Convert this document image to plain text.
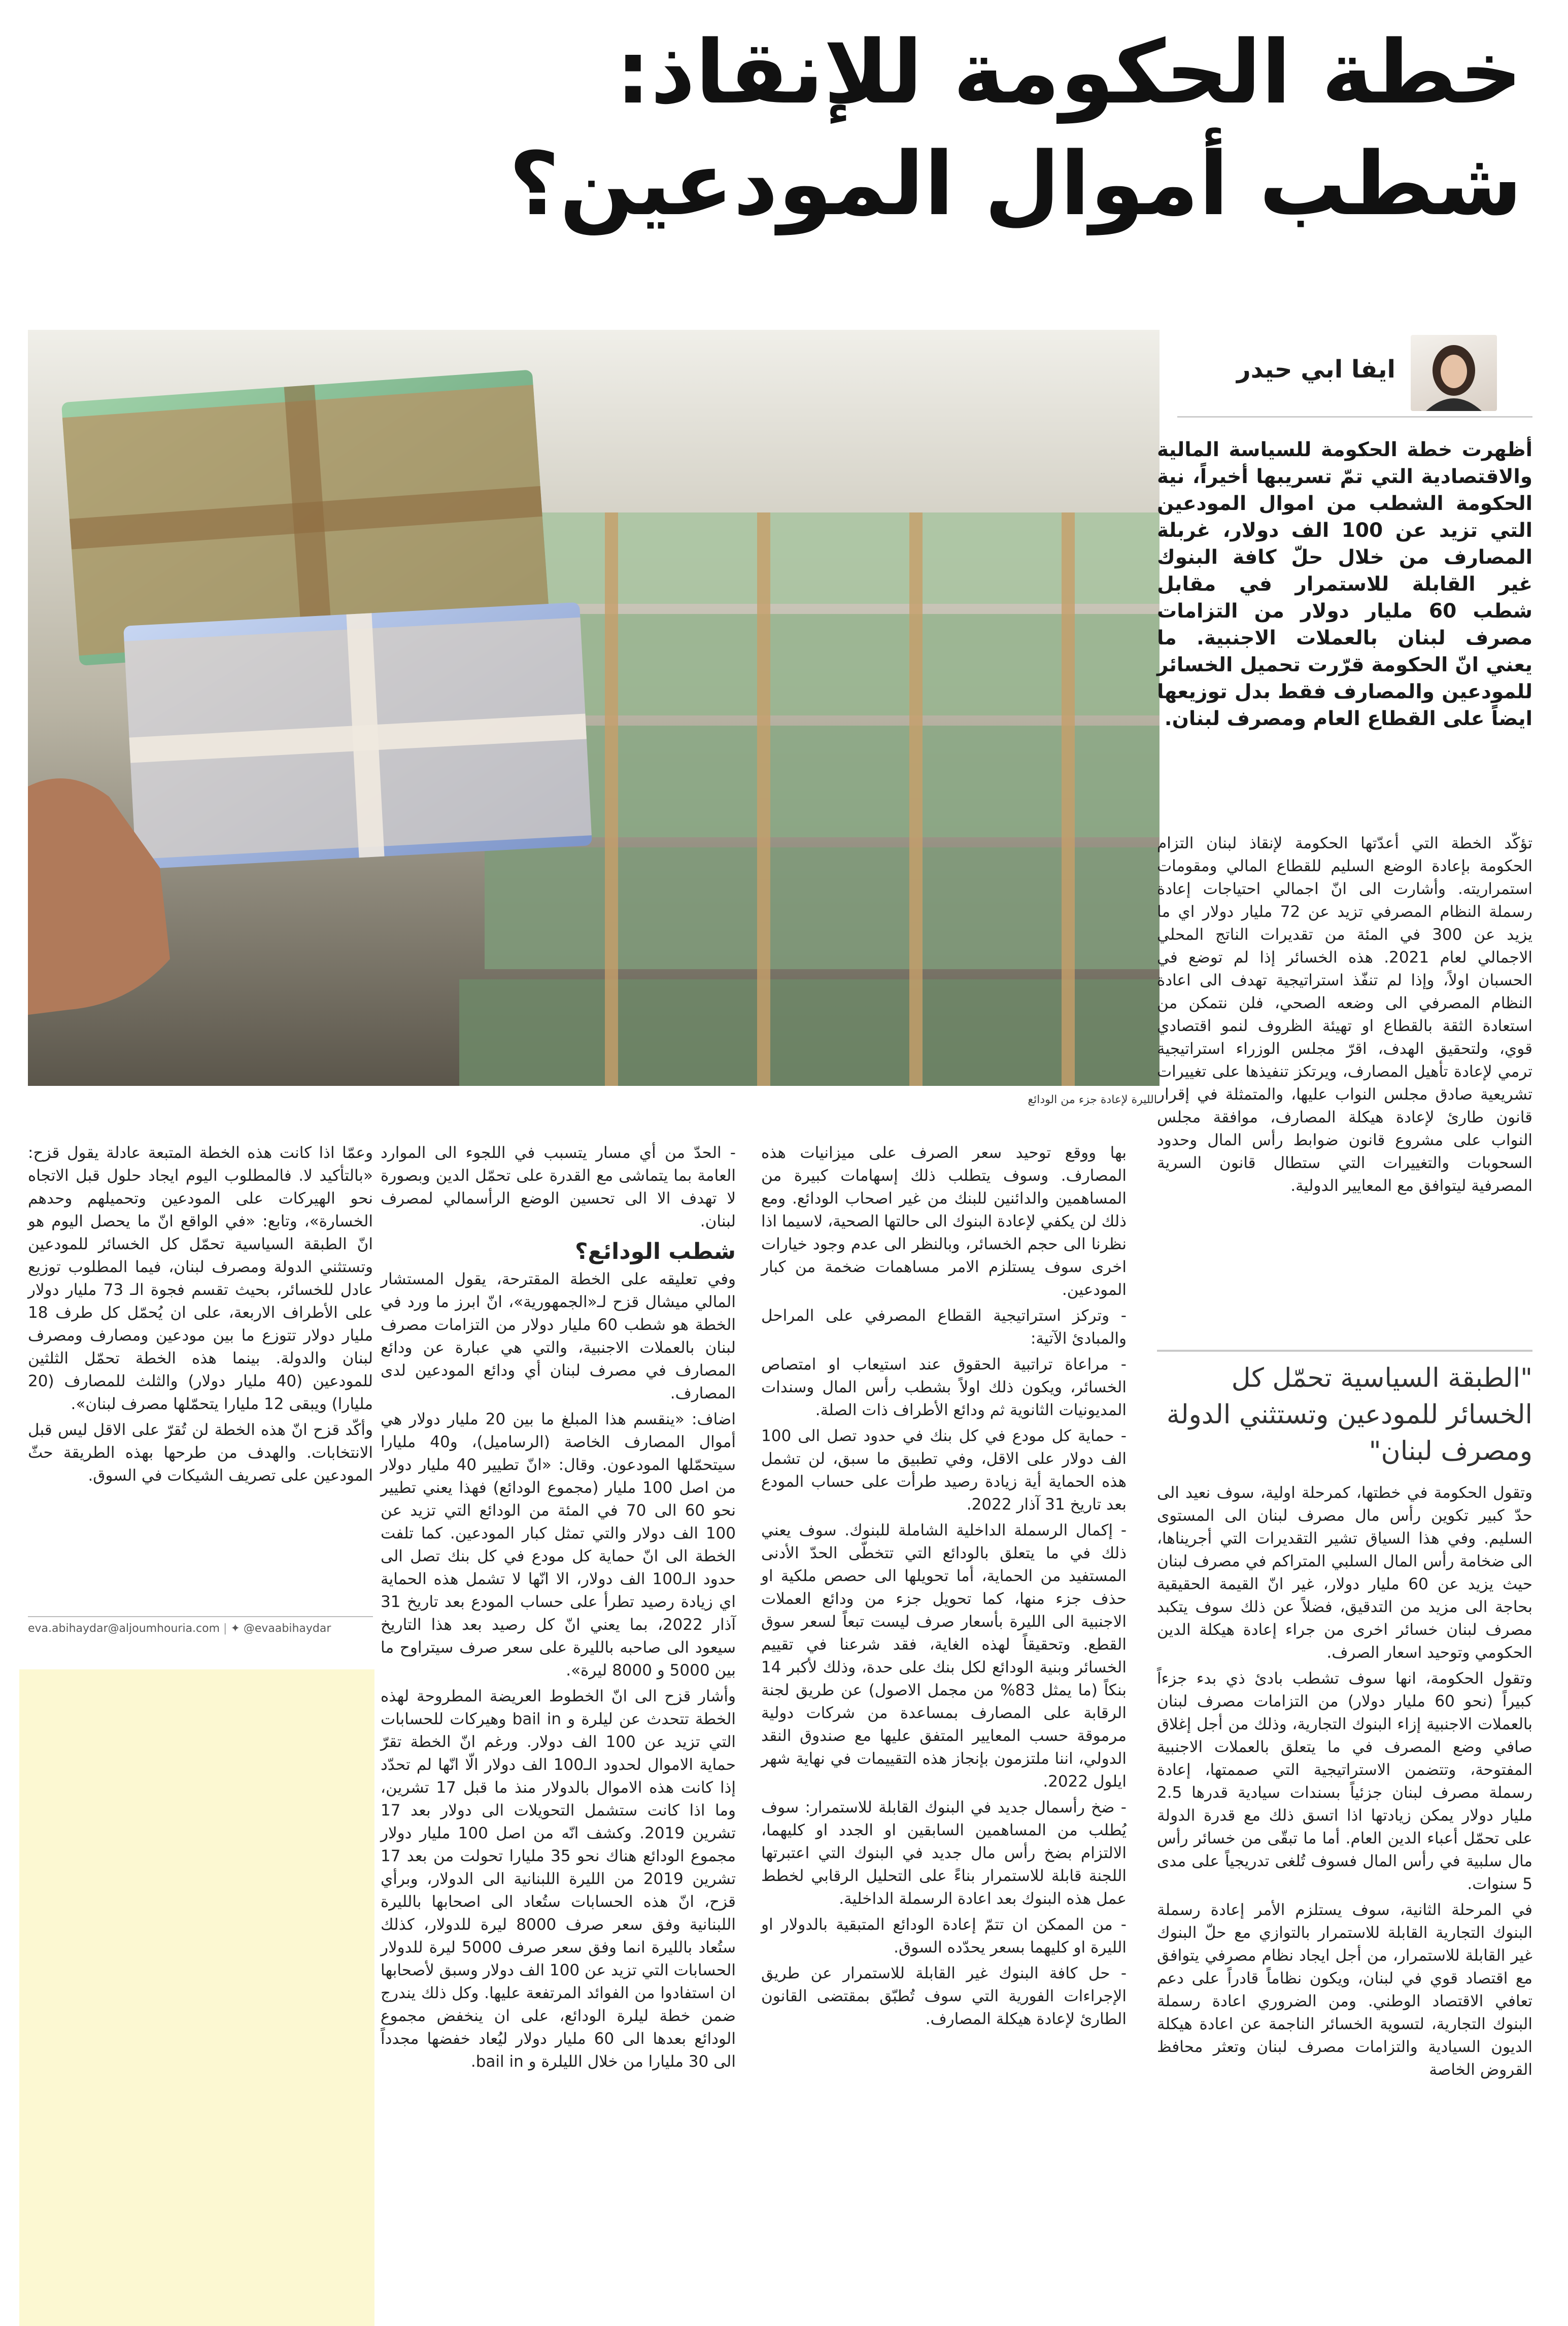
خطة الحكومة للإنقاذ:
شطب أموال المودعين؟
الليرة لإعادة جزء من الودائع
ايفا ابي حيدر
أظهرت خطة الحكومة للسياسة المالية والاقتصادية التي تمّ تسريبها أخيراً، نية الحكومة الشطب من اموال المودعين التي تزيد عن 100 الف دولار، غربلة المصارف من خلال حلّ كافة البنوك غير القابلة للاستمرار في مقابل شطب 60 مليار دولار من التزامات مصرف لبنان بالعملات الاجنبية. ما يعني انّ الحكومة قرّرت تحميل الخسائر للمودعين والمصارف فقط بدل توزيعها ايضاً على القطاع العام ومصرف لبنان.
تؤكّد الخطة التي أعدّتها الحكومة لإنقاذ لبنان التزام الحكومة بإعادة الوضع السليم للقطاع المالي ومقومات استمراريته. وأشارت الى انّ اجمالي احتياجات إعادة رسملة النظام المصرفي تزيد عن 72 مليار دولار اي ما يزيد عن 300 في المئة من تقديرات الناتج المحلي الاجمالي لعام 2021. هذه الخسائر إذا لم توضع في الحسبان اولاً، وإذا لم تنفّذ استراتيجية تهدف الى اعادة النظام المصرفي الى وضعه الصحي، فلن نتمكن من استعادة الثقة بالقطاع او تهيئة الظروف لنمو اقتصادي قوي، ولتحقيق الهدف، اقرّ مجلس الوزراء استراتيجية ترمي لإعادة تأهيل المصارف، ويرتكز تنفيذها على تغييرات تشريعية صادق مجلس النواب عليها، والمتمثلة في إقرار قانون طارئ لإعادة هيكلة المصارف، موافقة مجلس النواب على مشروع قانون ضوابط رأس المال وحدود السحوبات والتغييرات التي ستطال قانون السرية المصرفية ليتوافق مع المعايير الدولية.
"الطبقة السياسية تحمّل كل الخسائر للمودعين وتستثني الدولة ومصرف لبنان"

وتقول الحكومة في خطتها، كمرحلة اولية، سوف نعيد الى حدّ كبير تكوين رأس مال مصرف لبنان الى المستوى السليم. وفي هذا السياق تشير التقديرات التي أجريناها، الى ضخامة رأس المال السلبي المتراكم في مصرف لبنان حيث يزيد عن 60 مليار دولار، غير انّ القيمة الحقيقية بحاجة الى مزيد من التدقيق، فضلاً عن ذلك سوف يتكبد مصرف لبنان خسائر اخرى من جراء إعادة هيكلة الدين الحكومي وتوحيد اسعار الصرف.

وتقول الحكومة، انها سوف تشطب بادئ ذي بدء جزءاً كبيراً (نحو 60 مليار دولار) من التزامات مصرف لبنان بالعملات الاجنبية إزاء البنوك التجارية، وذلك من أجل إغلاق صافي وضع المصرف في ما يتعلق بالعملات الاجنبية المفتوحة، وتتضمن الاستراتيجية التي صممتها، إعادة رسملة مصرف لبنان جزئياً بسندات سيادية قدرها 2.5 مليار دولار يمكن زيادتها اذا اتسق ذلك مع قدرة الدولة على تحمّل أعباء الدين العام. أما ما تبقّى من خسائر رأس مال سلبية في رأس المال فسوف تُلغى تدريجياً على مدى 5 سنوات.

في المرحلة الثانية، سوف يستلزم الأمر إعادة رسملة البنوك التجارية القابلة للاستمرار بالتوازي مع حلّ البنوك غير القابلة للاستمرار، من أجل ايجاد نظام مصرفي يتوافق مع اقتصاد قوي في لبنان، ويكون نظاماً قادراً على دعم تعافي الاقتصاد الوطني. ومن الضروري اعادة رسملة البنوك التجارية، لتسوية الخسائر الناجمة عن اعادة هيكلة الديون السيادية والتزامات مصرف لبنان وتعثر محافظ القروض الخاصة

بها ووقع توحيد سعر الصرف على ميزانيات هذه المصارف. وسوف يتطلب ذلك إسهامات كبيرة من المساهمين والدائنين للبنك من غير اصحاب الودائع. ومع ذلك لن يكفي لإعادة البنوك الى حالتها الصحية، لاسيما اذا نظرنا الى حجم الخسائر، وبالنظر الى عدم وجود خيارات اخرى سوف يستلزم الامر مساهمات ضخمة من كبار المودعين.

- وتركز استراتيجية القطاع المصرفي على المراحل والمبادئ الآتية:

- مراعاة تراتبية الحقوق عند استيعاب او امتصاص الخسائر، ويكون ذلك اولاً بشطب رأس المال وسندات المديونيات الثانوية ثم ودائع الأطراف ذات الصلة.

- حماية كل مودع في كل بنك في حدود تصل الى 100 الف دولار على الاقل، وفي تطبيق ما سبق، لن تشمل هذه الحماية أية زيادة رصيد طرأت على حساب المودع بعد تاريخ 31 آذار 2022.

- إكمال الرسملة الداخلية الشاملة للبنوك. سوف يعني ذلك في ما يتعلق بالودائع التي تتخطّى الحدّ الأدنى المستفيد من الحماية، أما تحويلها الى حصص ملكية او حذف جزء منها، كما تحويل جزء من ودائع العملات الاجنبية الى الليرة بأسعار صرف ليست تبعاً لسعر سوق القطع. وتحقيقاً لهذه الغاية، فقد شرعنا في تقييم الخسائر وبنية الودائع لكل بنك على حدة، وذلك لأكبر 14 بنكاً (ما يمثل 83% من مجمل الاصول) عن طريق لجنة الرقابة على المصارف بمساعدة من شركات دولية مرموقة حسب المعايير المتفق عليها مع صندوق النقد الدولي، اننا ملتزمون بإنجاز هذه التقييمات في نهاية شهر ايلول 2022.

- ضخ رأسمال جديد في البنوك القابلة للاستمرار: سوف يُطلب من المساهمين السابقين او الجدد او كليهما، الالتزام بضخ رأس مال جديد في البنوك التي اعتبرتها اللجنة قابلة للاستمرار بناءً على التحليل الرقابي لخطط عمل هذه البنوك بعد اعادة الرسملة الداخلية.

- من الممكن ان تتمّ إعادة الودائع المتبقية بالدولار او الليرة او كليهما بسعر يحدّده السوق.

- حل كافة البنوك غير القابلة للاستمرار عن طريق الإجراءات الفورية التي سوف تُطبّق بمقتضى القانون الطارئ لإعادة هيكلة المصارف.

- الحدّ من أي مسار يتسبب في اللجوء الى الموارد العامة بما يتماشى مع القدرة على تحمّل الدين وبصورة لا تهدف الا الى تحسين الوضع الرأسمالي لمصرف لبنان.

شطب الودائع؟

وفي تعليقه على الخطة المقترحة، يقول المستشار المالي ميشال قزح لـ«الجمهورية»، انّ ابرز ما ورد في الخطة هو شطب 60 مليار دولار من التزامات مصرف لبنان بالعملات الاجنبية، والتي هي عبارة عن ودائع المصارف في مصرف لبنان أي ودائع المودعين لدى المصارف.

اضاف: «ينقسم هذا المبلغ ما بين 20 مليار دولار هي أموال المصارف الخاصة (الرساميل)، و40 مليارا سيتحمّلها المودعون. وقال: «انّ تطيير 40 مليار دولار من اصل 100 مليار (مجموع الودائع) فهذا يعني تطيير نحو 60 الى 70 في المئة من الودائع التي تزيد عن 100 الف دولار والتي تمثل كبار المودعين. كما تلفت الخطة الى انّ حماية كل مودع في كل بنك تصل الى حدود الـ100 الف دولار، الا انّها لا تشمل هذه الحماية اي زيادة رصيد تطرأ على حساب المودع بعد تاريخ 31 آذار 2022، بما يعني انّ كل رصيد بعد هذا التاريخ سيعود الى صاحبه بالليرة على سعر صرف سيتراوح ما بين 5000 و 8000 ليرة».

وأشار قزح الى انّ الخطوط العريضة المطروحة لهذه الخطة تتحدث عن ليلرة و bail in وهيركات للحسابات التي تزيد عن 100 الف دولار. ورغم انّ الخطة تقرّ حماية الاموال لحدود الـ100 الف دولار الّا انّها لم تحدّد إذا كانت هذه الاموال بالدولار منذ ما قبل 17 تشرين، وما اذا كانت ستشمل التحويلات الى دولار بعد 17 تشرين 2019. وكشف انّه من اصل 100 مليار دولار مجموع الودائع هناك نحو 35 مليارا تحولت من بعد 17 تشرين 2019 من الليرة اللبنانية الى الدولار، وبرأي قزح، انّ هذه الحسابات ستُعاد الى اصحابها بالليرة اللبنانية وفق سعر صرف 8000 ليرة للدولار، كذلك ستُعاد بالليرة انما وفق سعر صرف 5000 ليرة للدولار الحسابات التي تزيد عن 100 الف دولار وسبق لأصحابها ان استفادوا من الفوائد المرتفعة عليها. وكل ذلك يندرج ضمن خطة ليلرة الودائع، على ان ينخفض مجموع الودائع بعدها الى 60 مليار دولار ليُعاد خفضها مجدداً الى 30 مليارا من خلال الليلرة و bail in.

وعمّا اذا كانت هذه الخطة المتبعة عادلة يقول قزح: «بالتأكيد لا. فالمطلوب اليوم ايجاد حلول قبل الاتجاه نحو الهيركات على المودعين وتحميلهم وحدهم الخسارة»، وتابع: «في الواقع انّ ما يحصل اليوم هو انّ الطبقة السياسية تحمّل كل الخسائر للمودعين وتستثني الدولة ومصرف لبنان، فيما المطلوب توزيع عادل للخسائر، بحيث تقسم فجوة الـ 73 مليار دولار على الأطراف الاربعة، على ان يُحمّل كل طرف 18 مليار دولار تتوزع ما بين مودعين ومصارف ومصرف لبنان والدولة. بينما هذه الخطة تحمّل الثلثين للمودعين (40 مليار دولار) والثلث للمصارف (20 مليارا) ويبقى 12 مليارا يتحمّلها مصرف لبنان».

وأكّد قزح انّ هذه الخطة لن تُقرّ على الاقل ليس قبل الانتخابات. والهدف من طرحها بهذه الطريقة حثّ المودعين على تصريف الشيكات في السوق.

eva.abihaydar@aljoumhouria.com | ✦ @evaabihaydar
